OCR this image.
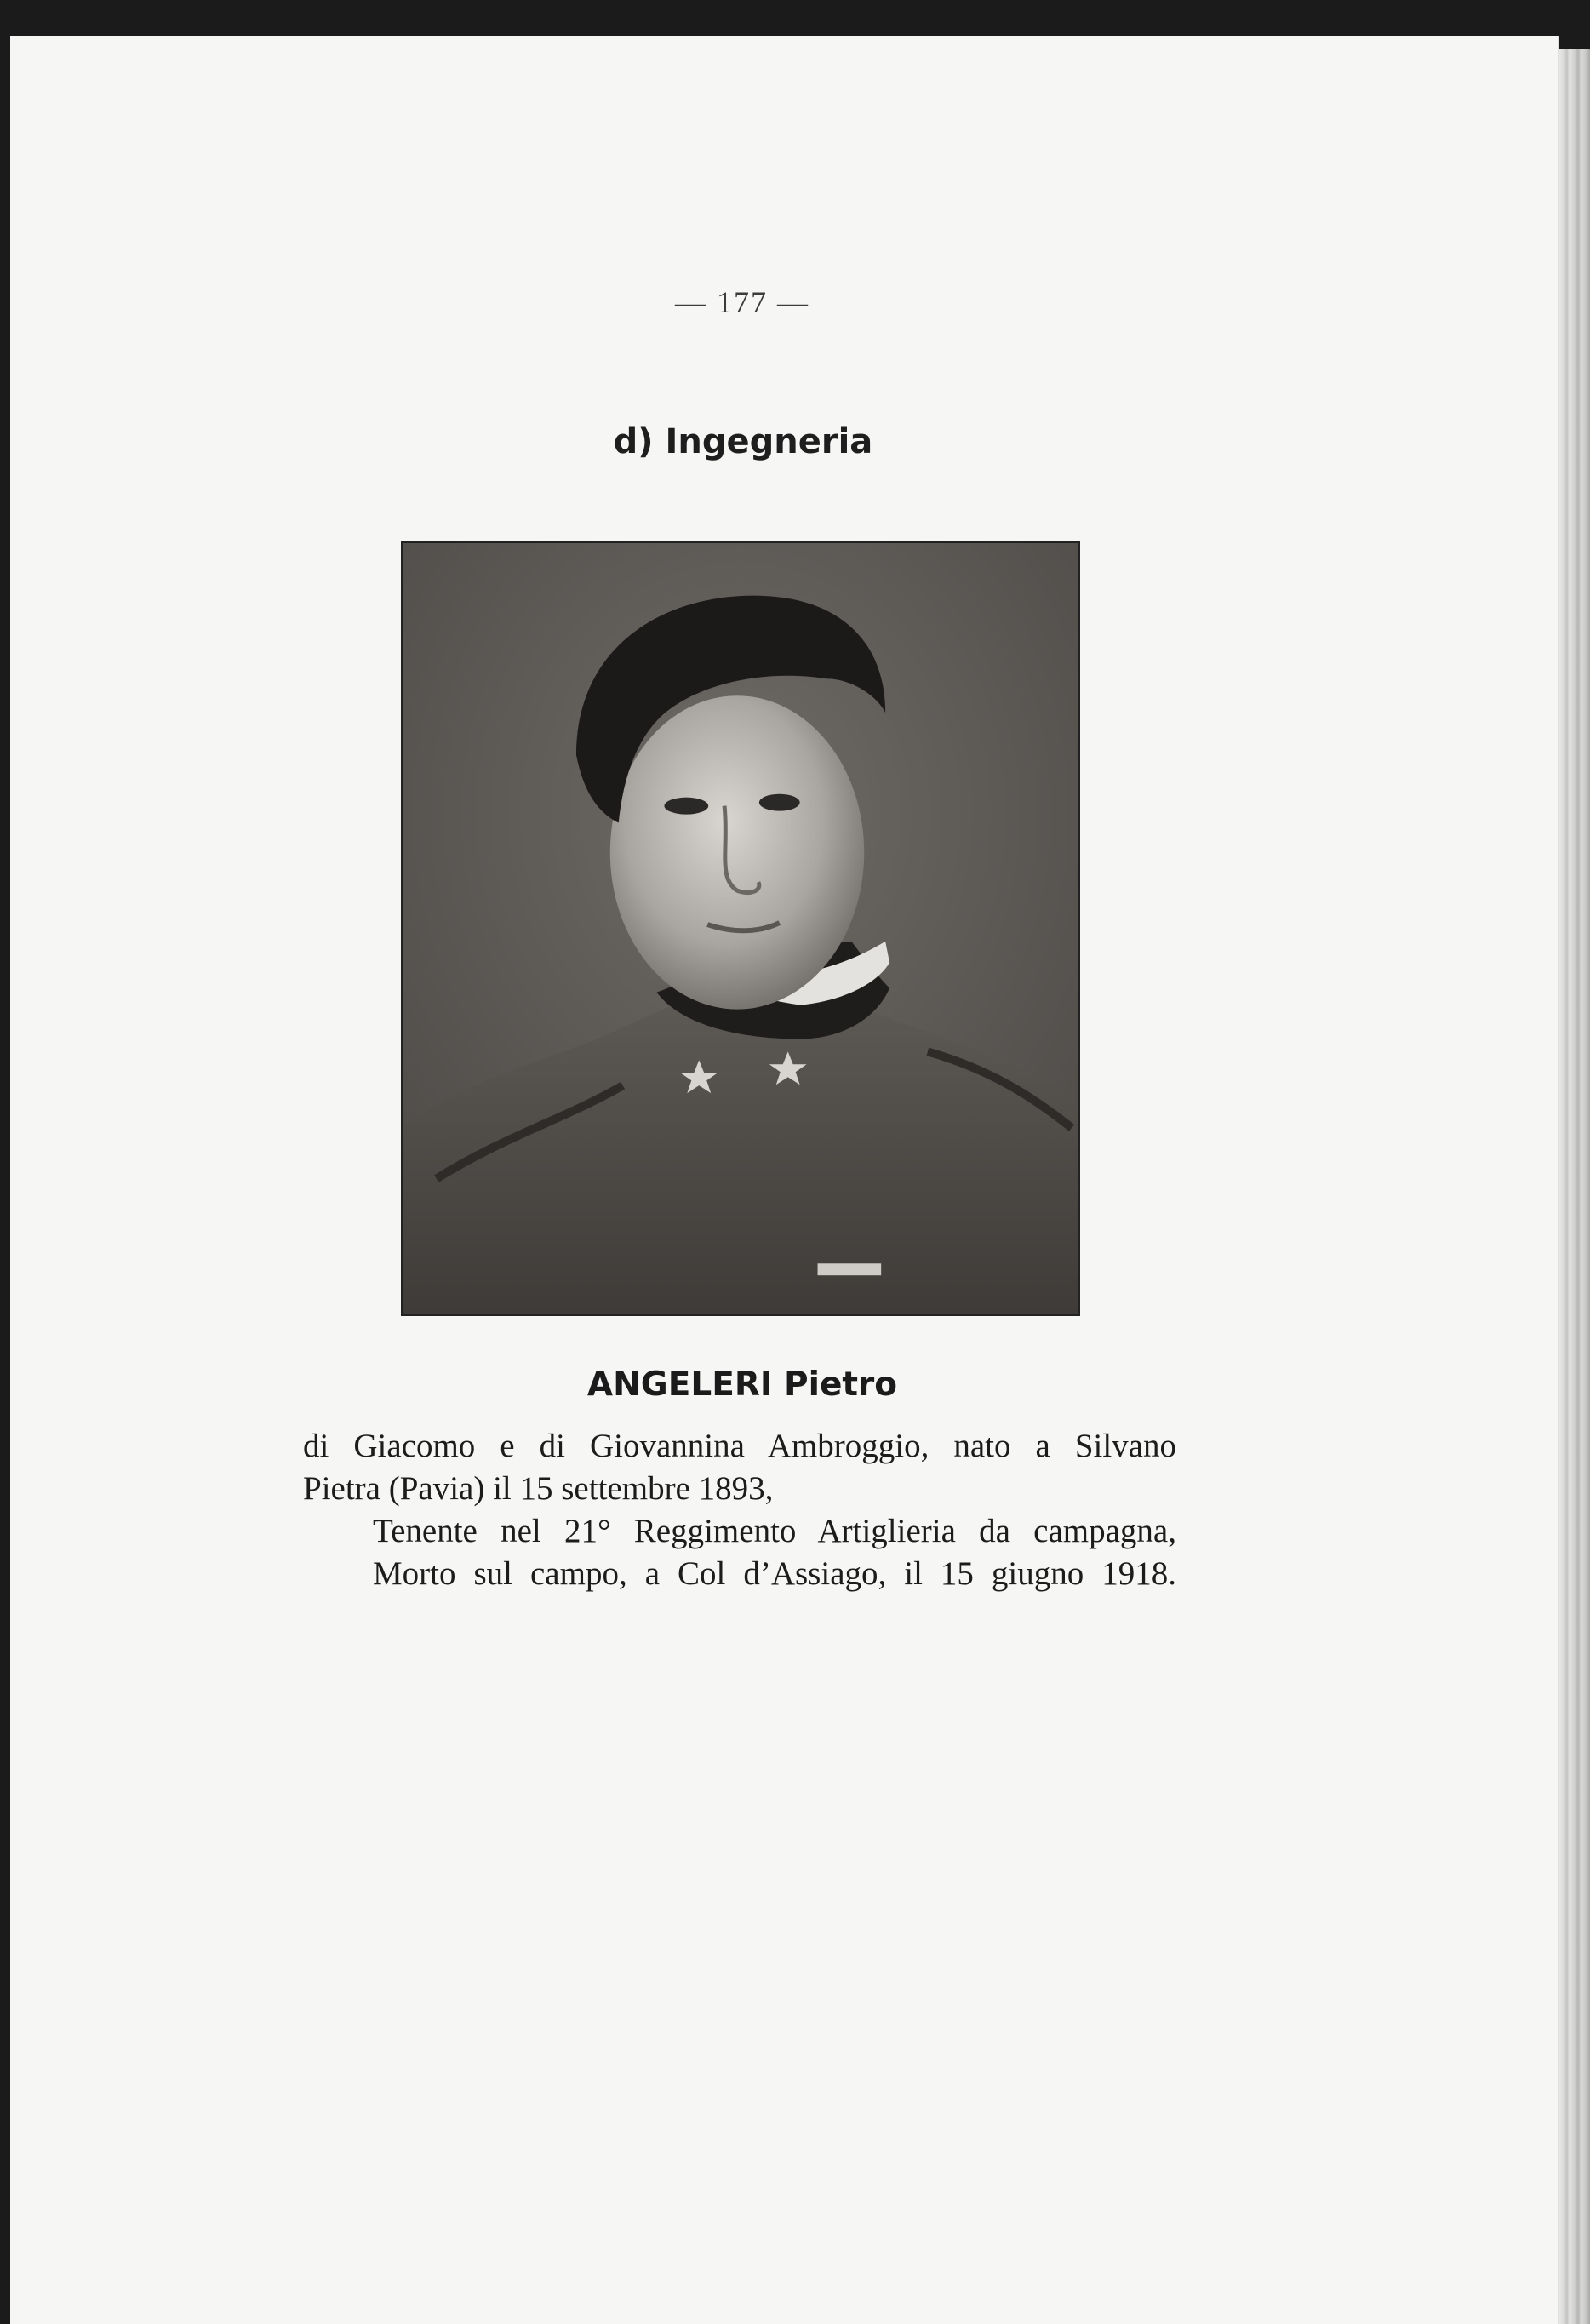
— 177 —
d) Ingegneria
ANGELERI Pietro
di Giacomo e di Giovannina Ambroggio, nato a Silvano
Pietra (Pavia) il 15 settembre 1893,
Tenente nel 21° Reggimento Artiglieria da campagna,
Morto sul campo, a Col d’Assiago, il 15 giugno 1918.
